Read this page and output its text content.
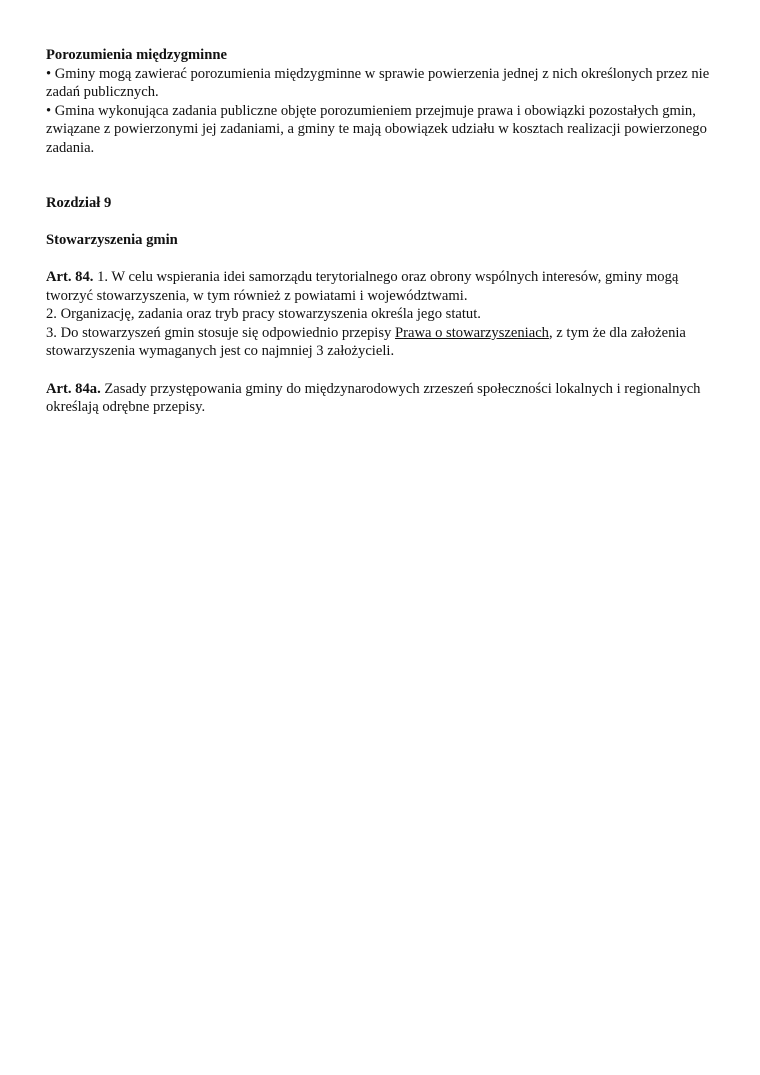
Porozumienia międzygminne

• Gminy mogą zawierać porozumienia międzygminne w sprawie powierzenia jednej z nich określonych przez nie zadań publicznych.

• Gmina wykonująca zadania publiczne objęte porozumieniem przejmuje prawa i obowiązki pozostałych gmin, związane z powierzonymi jej zadaniami, a gminy te mają obowiązek udziału w kosztach realizacji powierzonego zadania.

Rozdział 9

Stowarzyszenia gmin

Art. 84. 1. W celu wspierania idei samorządu terytorialnego oraz obrony wspólnych interesów, gminy mogą tworzyć stowarzyszenia, w tym również z powiatami i województwami.

2. Organizację, zadania oraz tryb pracy stowarzyszenia określa jego statut.

3. Do stowarzyszeń gmin stosuje się odpowiednio przepisy Prawa o stowarzyszeniach, z tym że dla założenia stowarzyszenia wymaganych jest co najmniej 3 założycieli.

Art. 84a. Zasady przystępowania gminy do międzynarodowych zrzeszeń społeczności lokalnych i regionalnych określają odrębne przepisy.
